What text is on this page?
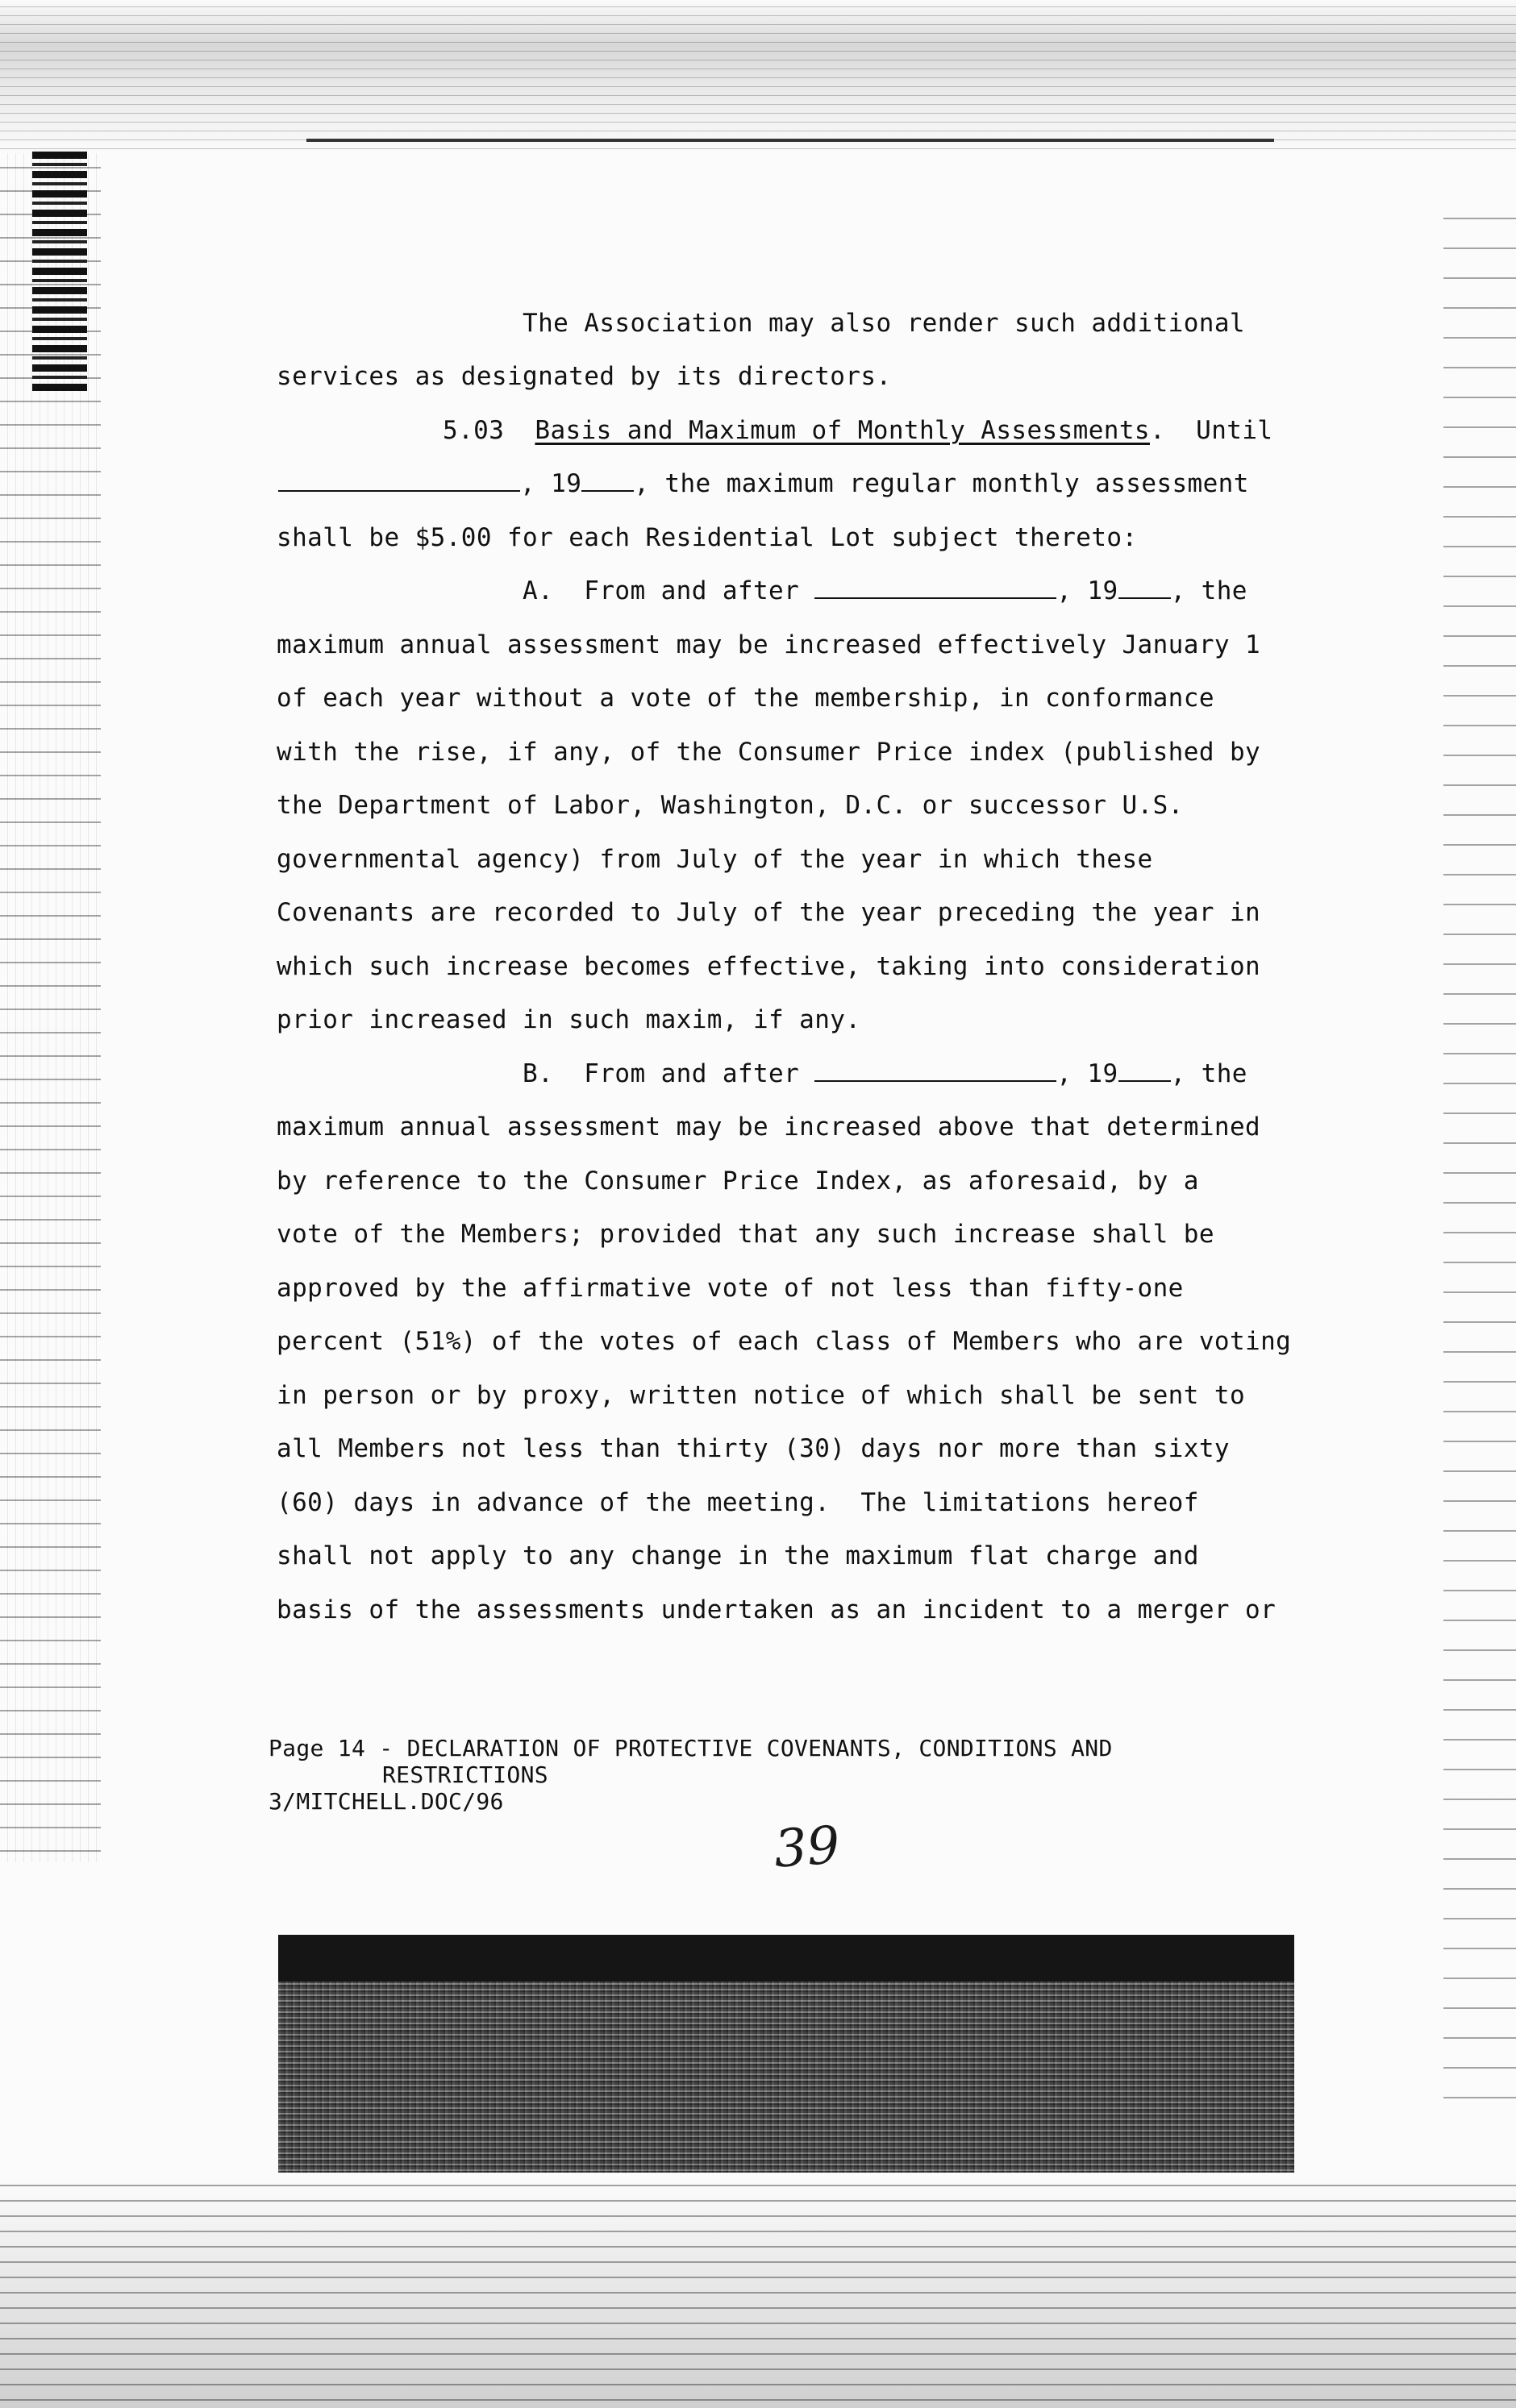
The Association may also render such additional

services as designated by its directors.

5.03 Basis and Maximum of Monthly Assessments. Until

, 19 , the maximum regular monthly assessment

shall be $5.00 for each Residential Lot subject thereto:

A. From and after	, 19 , the

maximum annual assessment may be increased effectively January 1

of each year without a vote of the membership, in conformance

with the rise, if any, of the Consumer Price index (published by

the Department of Labor, Washington, D.C. or successor U.S.

governmental agency) from July of the year in which these

Covenants are recorded to July of the year preceding the year in

which such increase becomes effective, taking into consideration

prior increased in such maxim, if any.

B. From and after	, 19 , the

maximum annual assessment may be increased above that determined

by reference to the Consumer Price Index, as aforesaid, by a

vote of the Members; provided that any such increase shall be

approved by the affirmative vote of not less than fifty-one

percent (51%) of the votes of each class of Members who are voting

in person or by proxy, written notice of which shall be sent to

all Members not less than thirty (30) days nor more than sixty

(60) days in advance of the meeting.  The limitations hereof

shall not apply to any change in the maximum flat charge and

basis of the assessments undertaken as an incident to a merger or

Page 14 - DECLARATION OF PROTECTIVE COVENANTS, CONDITIONS AND

RESTRICTIONS

3/MITCHELL.DOC/96

39
